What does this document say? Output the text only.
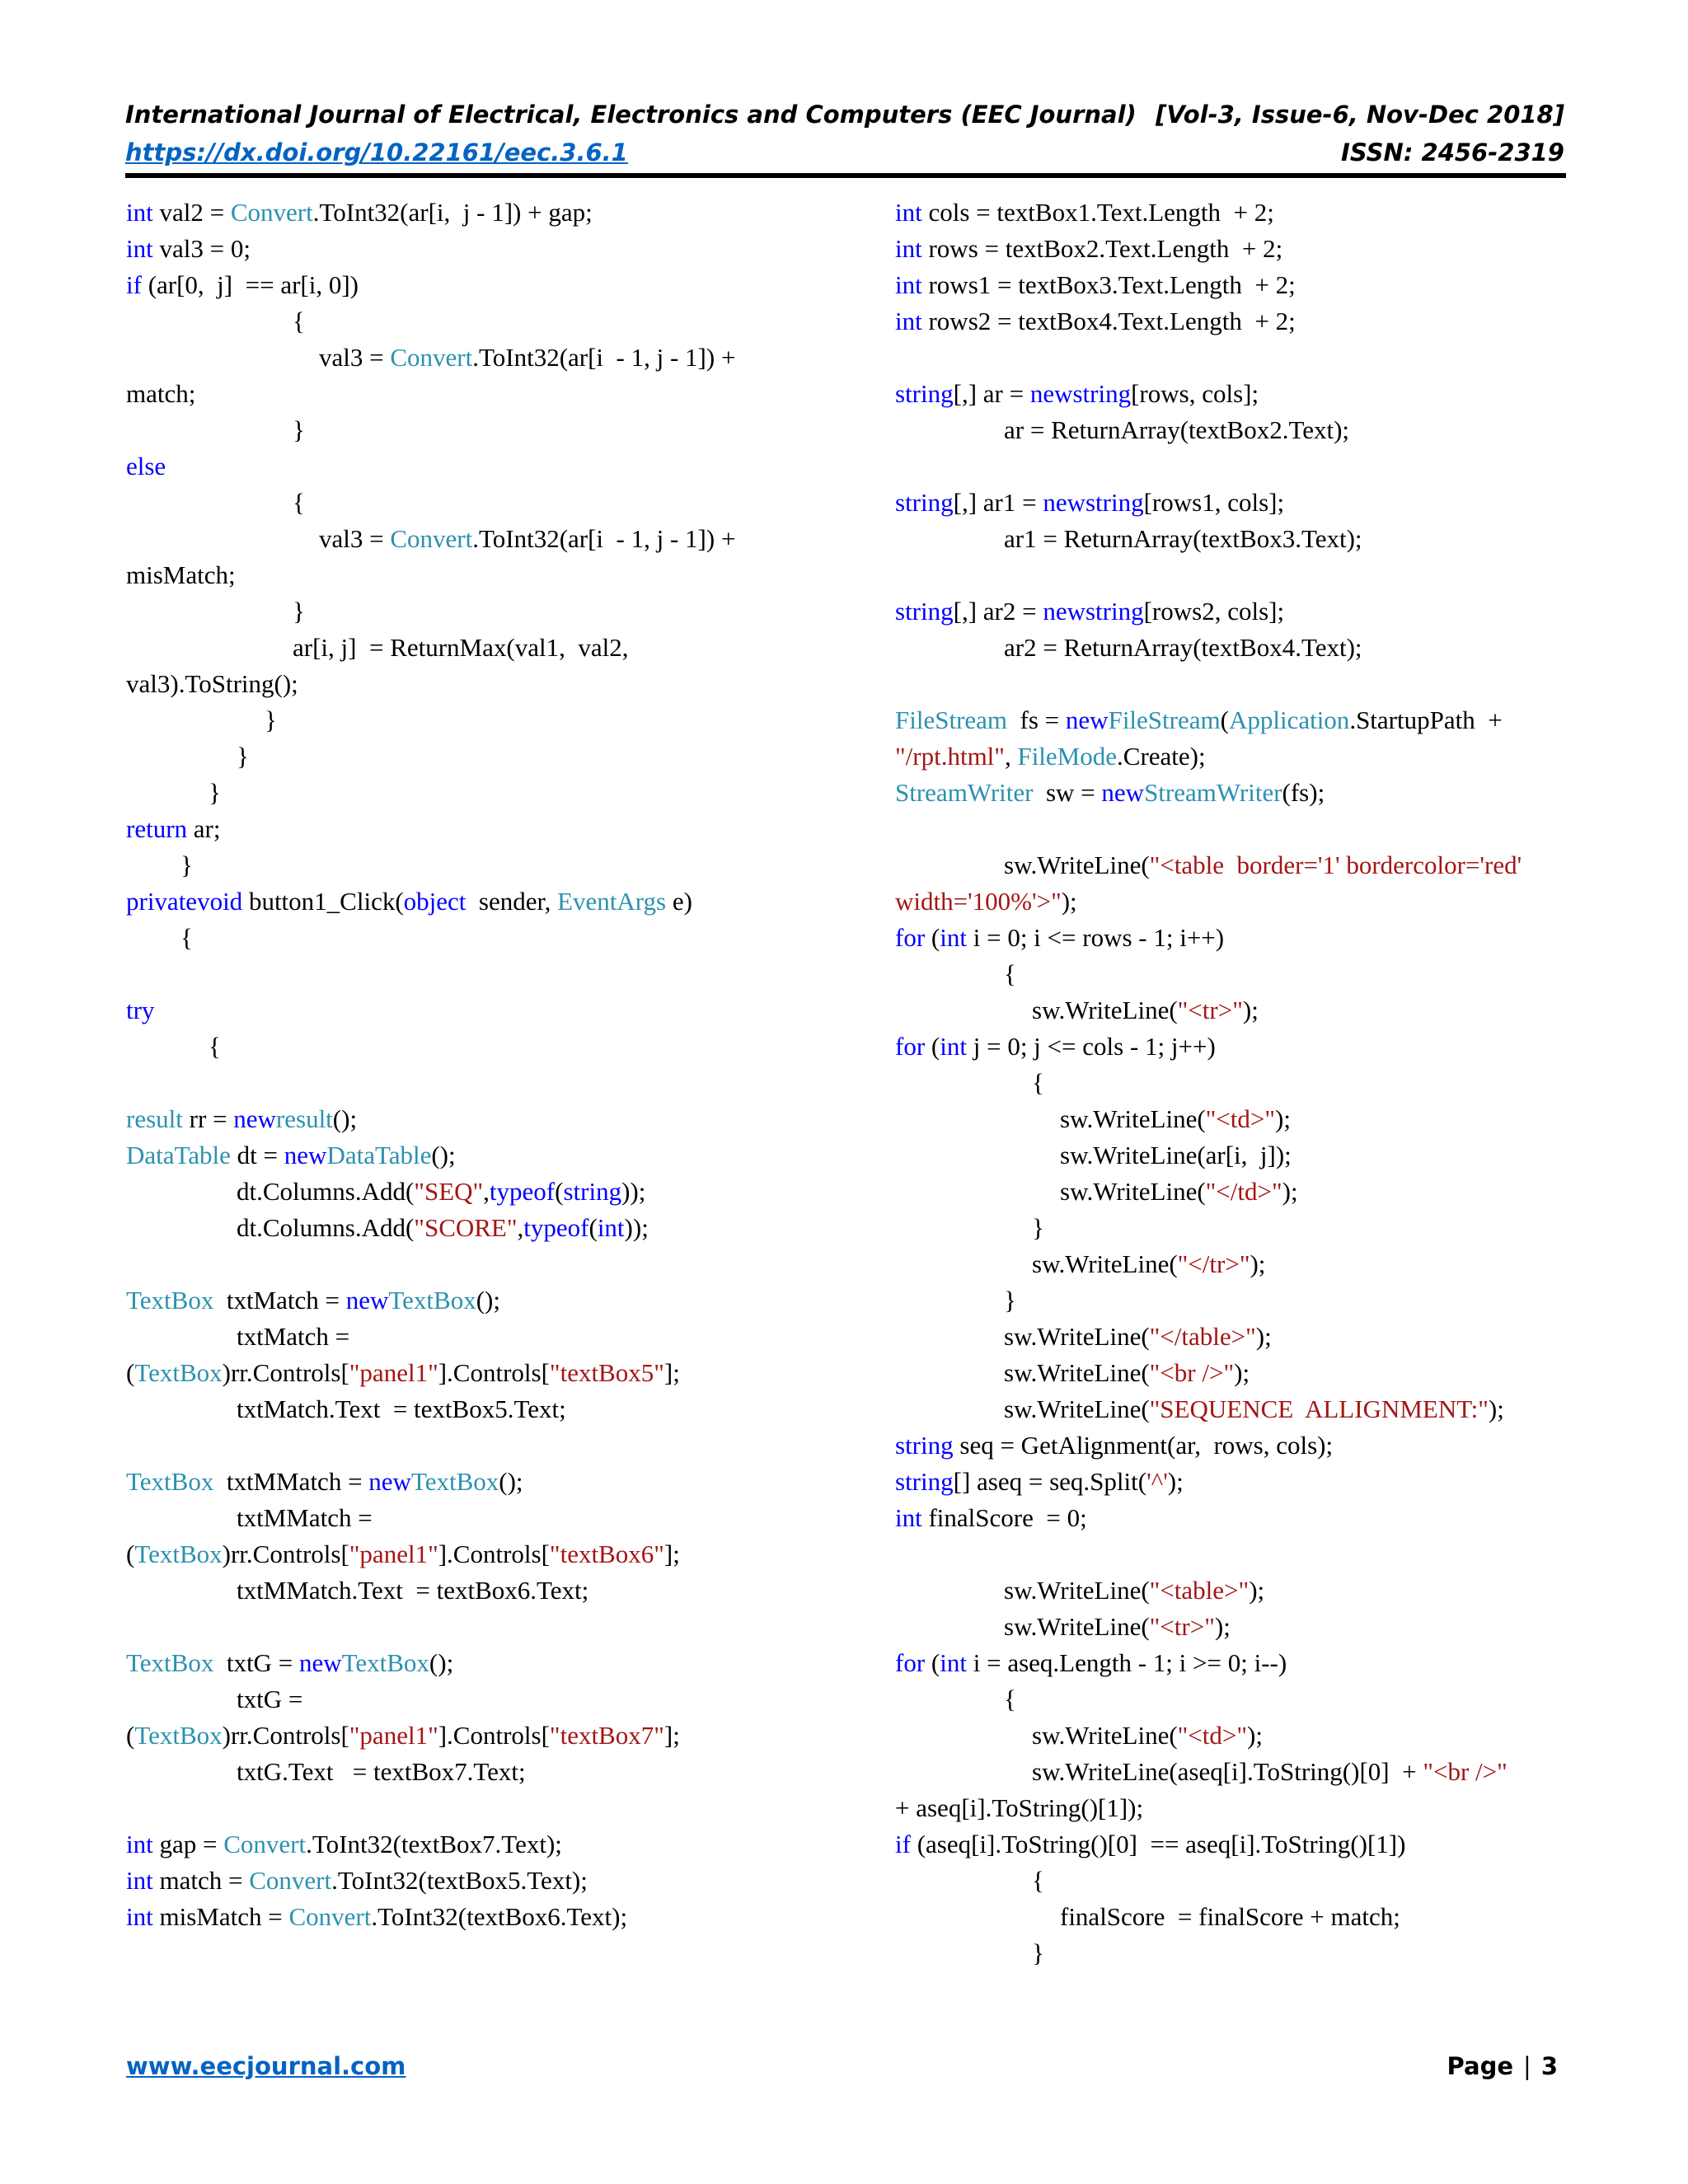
International Journal of Electrical, Electronics and Computers (EEC Journal) [Vol-3, Issue-6, Nov-Dec 2018]
https://dx.doi.org/10.22161/eec.3.6.1	ISSN: 2456-2319
int val2 = Convert.ToInt32(ar[i,  j - 1]) + gap;
int val3 = 0;
if (ar[0,  j]  == ar[i, 0])
{
val3 = Convert.ToInt32(ar[i  - 1, j - 1]) +
match;
}
else
{
val3 = Convert.ToInt32(ar[i  - 1, j - 1]) +
misMatch;
}
ar[i, j]  = ReturnMax(val1,  val2,
val3).ToString();
}
}
}
return ar;
}
privatevoid button1_Click(object  sender, EventArgs e)
{
try
{
result rr = newresult();
DataTable dt = newDataTable();
dt.Columns.Add("SEQ",typeof(string));
dt.Columns.Add("SCORE",typeof(int));
TextBox  txtMatch = newTextBox();
txtMatch =
(TextBox)rr.Controls["panel1"].Controls["textBox5"];
txtMatch.Text  = textBox5.Text;
TextBox  txtMMatch = newTextBox();
txtMMatch =
(TextBox)rr.Controls["panel1"].Controls["textBox6"];
txtMMatch.Text  = textBox6.Text;
TextBox  txtG = newTextBox();
txtG =
(TextBox)rr.Controls["panel1"].Controls["textBox7"];
txtG.Text   = textBox7.Text;
int gap = Convert.ToInt32(textBox7.Text);
int match = Convert.ToInt32(textBox5.Text);
int misMatch = Convert.ToInt32(textBox6.Text);
int cols = textBox1.Text.Length  + 2;
int rows = textBox2.Text.Length  + 2;
int rows1 = textBox3.Text.Length  + 2;
int rows2 = textBox4.Text.Length  + 2;
string[,] ar = newstring[rows, cols];
ar = ReturnArray(textBox2.Text);
string[,] ar1 = newstring[rows1, cols];
ar1 = ReturnArray(textBox3.Text);
string[,] ar2 = newstring[rows2, cols];
ar2 = ReturnArray(textBox4.Text);
FileStream  fs = newFileStream(Application.StartupPath  +
"/rpt.html", FileMode.Create);
StreamWriter  sw = newStreamWriter(fs);
sw.WriteLine("<table  border='1' bordercolor='red'
width='100%'>");
for (int i = 0; i <= rows - 1; i++)
{
sw.WriteLine("<tr>");
for (int j = 0; j <= cols - 1; j++)
{
sw.WriteLine("<td>");
sw.WriteLine(ar[i,  j]);
sw.WriteLine("</td>");
}
sw.WriteLine("</tr>");
}
sw.WriteLine("</table>");
sw.WriteLine("<br />");
sw.WriteLine("SEQUENCE  ALLIGNMENT:");
string seq = GetAlignment(ar,  rows, cols);
string[] aseq = seq.Split('^');
int finalScore  = 0;
sw.WriteLine("<table>");
sw.WriteLine("<tr>");
for (int i = aseq.Length - 1; i >= 0; i--)
{
sw.WriteLine("<td>");
sw.WriteLine(aseq[i].ToString()[0]  + "<br />"
+ aseq[i].ToString()[1]);
if (aseq[i].ToString()[0]  == aseq[i].ToString()[1])
{
finalScore  = finalScore + match;
}
www.eecjournal.com	Page | 3
